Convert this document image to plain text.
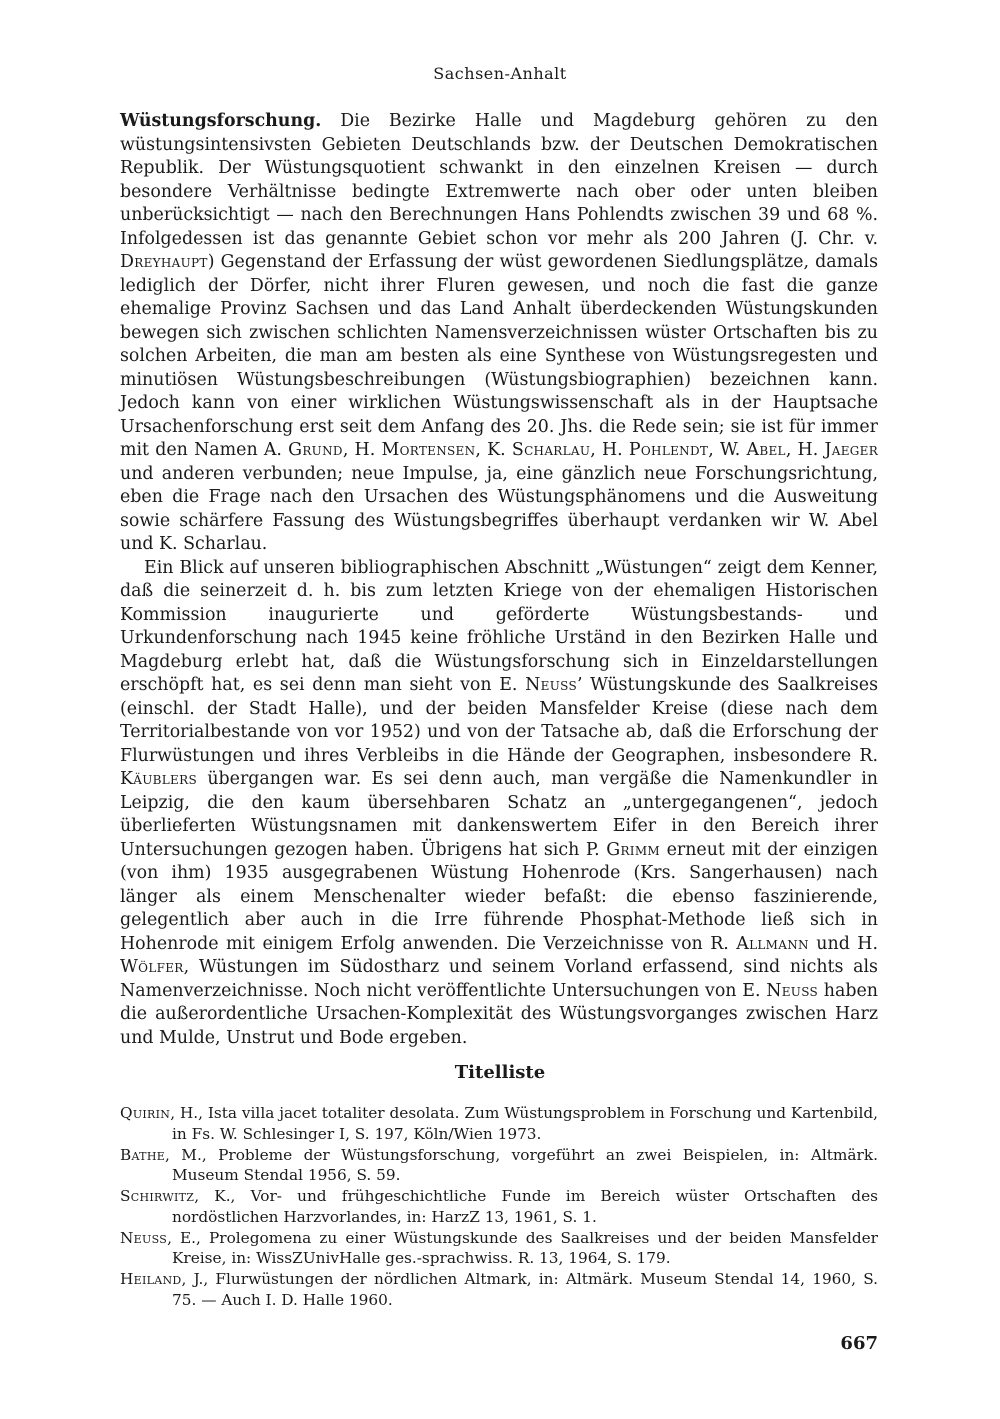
Sachsen-Anhalt

Wüstungsforschung. Die Bezirke Halle und Magdeburg gehören zu den wüstungsintensivsten Gebieten Deutschlands bzw. der Deutschen Demokratischen Republik. Der Wüstungsquotient schwankt in den einzelnen Kreisen — durch besondere Verhältnisse bedingte Extremwerte nach ober oder unten bleiben unberücksichtigt — nach den Berechnungen Hans Pohlendts zwischen 39 und 68 %. Infolgedessen ist das genannte Gebiet schon vor mehr als 200 Jahren (J. Chr. v. Dreyhaupt) Gegenstand der Erfassung der wüst gewordenen Siedlungsplätze, damals lediglich der Dörfer, nicht ihrer Fluren gewesen, und noch die fast die ganze ehemalige Provinz Sachsen und das Land Anhalt überdeckenden Wüstungskunden bewegen sich zwischen schlichten Namensverzeichnissen wüster Ortschaften bis zu solchen Arbeiten, die man am besten als eine Synthese von Wüstungsregesten und minutiösen Wüstungsbeschreibungen (Wüstungsbiographien) bezeichnen kann. Jedoch kann von einer wirklichen Wüstungswissenschaft als in der Hauptsache Ursachenforschung erst seit dem Anfang des 20. Jhs. die Rede sein; sie ist für immer mit den Namen A. Grund, H. Mortensen, K. Scharlau, H. Pohlendt, W. Abel, H. Jaeger und anderen verbunden; neue Impulse, ja, eine gänzlich neue Forschungsrichtung, eben die Frage nach den Ursachen des Wüstungsphänomens und die Ausweitung sowie schärfere Fassung des Wüstungsbegriffes überhaupt verdanken wir W. Abel und K. Scharlau.

Ein Blick auf unseren bibliographischen Abschnitt „Wüstungen“ zeigt dem Kenner, daß die seinerzeit d. h. bis zum letzten Kriege von der ehemaligen Historischen Kommission inaugurierte und geförderte Wüstungsbestands- und Urkundenforschung nach 1945 keine fröhliche Urständ in den Bezirken Halle und Magdeburg erlebt hat, daß die Wüstungsforschung sich in Einzeldarstellungen erschöpft hat, es sei denn man sieht von E. Neuss’ Wüstungskunde des Saalkreises (einschl. der Stadt Halle), und der beiden Mansfelder Kreise (diese nach dem Territorialbestande von vor 1952) und von der Tatsache ab, daß die Erforschung der Flurwüstungen und ihres Verbleibs in die Hände der Geographen, insbesondere R. Käublers übergangen war. Es sei denn auch, man vergäße die Namenkundler in Leipzig, die den kaum übersehbaren Schatz an „untergegangenen“, jedoch überlieferten Wüstungsnamen mit dankenswertem Eifer in den Bereich ihrer Untersuchungen gezogen haben. Übrigens hat sich P. Grimm erneut mit der einzigen (von ihm) 1935 ausgegrabenen Wüstung Hohenrode (Krs. Sangerhausen) nach länger als einem Menschenalter wieder befaßt: die ebenso faszinierende, gelegentlich aber auch in die Irre führende Phosphat-Methode ließ sich in Hohenrode mit einigem Erfolg anwenden. Die Verzeichnisse von R. Allmann und H. Wölfer, Wüstungen im Südostharz und seinem Vorland erfassend, sind nichts als Namenverzeichnisse. Noch nicht veröffentlichte Untersuchungen von E. Neuss haben die außerordentliche Ursachen-Komplexität des Wüstungsvorganges zwischen Harz und Mulde, Unstrut und Bode ergeben.

Titelliste
Quirin, H., Ista villa jacet totaliter desolata. Zum Wüstungsproblem in Forschung und Kartenbild, in Fs. W. Schlesinger I, S. 197, Köln/Wien 1973.
Bathe, M., Probleme der Wüstungsforschung, vorgeführt an zwei Beispielen, in: Altmärk. Museum Stendal 1956, S. 59.
Schirwitz, K., Vor- und frühgeschichtliche Funde im Bereich wüster Ortschaften des nordöstlichen Harzvorlandes, in: HarzZ 13, 1961, S. 1.
Neuss, E., Prolegomena zu einer Wüstungskunde des Saalkreises und der beiden Mansfelder Kreise, in: WissZUnivHalle ges.-sprachwiss. R. 13, 1964, S. 179.
Heiland, J., Flurwüstungen der nördlichen Altmark, in: Altmärk. Museum Stendal 14, 1960, S. 75. — Auch I. D. Halle 1960.
667
